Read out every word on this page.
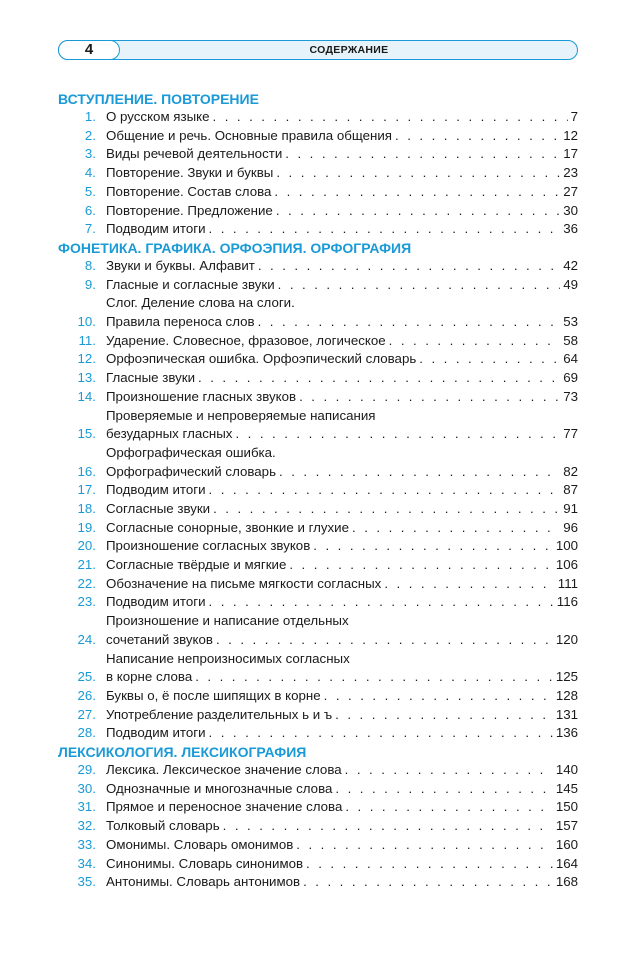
4	СОДЕРЖАНИЕ
ВСТУПЛЕНИЕ. ПОВТОРЕНИЕ
1. О русском языке . . .	7
2. Общение и речь. Основные правила общения . . .	12
3. Виды речевой деятельности . . .	17
4. Повторение. Звуки и буквы . . .	23
5. Повторение. Состав слова . . .	27
6. Повторение. Предложение . . .	30
7. Подводим итоги . . .	36
ФОНЕТИКА. ГРАФИКА. ОРФОЭПИЯ. ОРФОГРАФИЯ
8. Звуки и буквы. Алфавит . . .	42
9. Гласные и согласные звуки . . .	49
10.
Слог. Деление слова на слоги.
Правила переноса слов . . .	53
11. Ударение. Словесное, фразовое, логическое . . .	58
12. Орфоэпическая ошибка. Орфоэпический словарь . . .	64
13. Гласные звуки . . .	69
14. Произношение гласных звуков . . .	73
15.
Проверяемые и непроверяемые написания
безударных гласных . . .	77
16.
Орфографическая ошибка.
Орфографический словарь . . .	82
17. Подводим итоги . . .	87
18. Согласные звуки . . .	91
19. Согласные сонорные, звонкие и глухие . . .	96
20. Произношение согласных звуков . . .	100
21. Согласные твёрдые и мягкие . . .	106
22. Обозначение на письме мягкости согласных . . .	111
23. Подводим итоги . . .	116
24.
Произношение и написание отдельных
сочетаний звуков . . .	120
25.
Написание непроизносимых согласных
в корне слова . . .	125
26. Буквы о, ё после шипящих в корне . . .	128
27. Употребление разделительных ь и ъ . . .	131
28. Подводим итоги . . .	136
ЛЕКСИКОЛОГИЯ. ЛЕКСИКОГРАФИЯ
29. Лексика. Лексическое значение слова . . .	140
30. Однозначные и многозначные слова . . .	145
31. Прямое и переносное значение слова . . .	150
32. Толковый словарь . . .	157
33. Омонимы. Словарь омонимов . . .	160
34. Синонимы. Словарь синонимов . . .	164
35. Антонимы. Словарь антонимов . . .	168
